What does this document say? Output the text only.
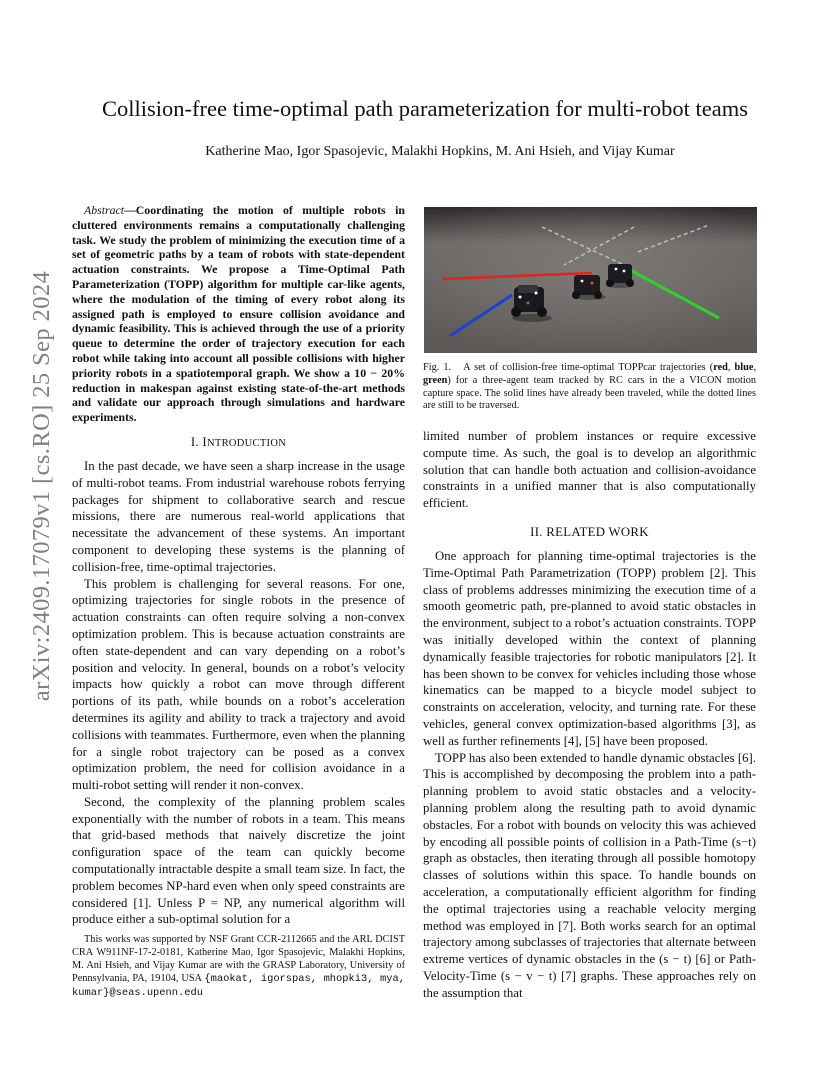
arXiv:2409.17079v1 [cs.RO] 25 Sep 2024
Collision-free time-optimal path parameterization for multi-robot teams
Katherine Mao, Igor Spasojevic, Malakhi Hopkins, M. Ani Hsieh, and Vijay Kumar

Abstract—Coordinating the motion of multiple robots in cluttered environments remains a computationally challenging task. We study the problem of minimizing the execution time of a set of geometric paths by a team of robots with state-dependent actuation constraints. We propose a Time-Optimal Path Parameterization (TOPP) algorithm for multiple car-like agents, where the modulation of the timing of every robot along its assigned path is employed to ensure collision avoidance and dynamic feasibility. This is achieved through the use of a priority queue to determine the order of trajectory execution for each robot while taking into account all possible collisions with higher priority robots in a spatiotemporal graph. We show a 10 − 20% reduction in makespan against existing state-of-the-art methods and validate our approach through simulations and hardware experiments.

I. INTRODUCTION

In the past decade, we have seen a sharp increase in the usage of multi-robot teams. From industrial warehouse robots ferrying packages for shipment to collaborative search and rescue missions, there are numerous real-world applications that necessitate the advancement of these systems. An important component to developing these systems is the planning of collision-free, time-optimal trajectories.

This problem is challenging for several reasons. For one, optimizing trajectories for single robots in the presence of actuation constraints can often require solving a non-convex optimization problem. This is because actuation constraints are often state-dependent and can vary depending on a robot’s position and velocity. In general, bounds on a robot’s velocity impacts how quickly a robot can move through different portions of its path, while bounds on a robot’s acceleration determines its agility and ability to track a trajectory and avoid collisions with teammates. Furthermore, even when the planning for a single robot trajectory can be posed as a convex optimization problem, the need for collision avoidance in a multi-robot setting will render it non-convex.

Second, the complexity of the planning problem scales exponentially with the number of robots in a team. This means that grid-based methods that naively discretize the joint configuration space of the team can quickly become computationally intractable despite a small team size. In fact, the problem becomes NP-hard even when only speed constraints are considered [1]. Unless P = NP, any numerical algorithm will produce either a sub-optimal solution for a

This works was supported by NSF Grant CCR-2112665 and the ARL DCIST CRA W911NF-17-2-0181, Katherine Mao, Igor Spasojevic, Malakhi Hopkins, M. Ani Hsieh, and Vijay Kumar are with the GRASP Laboratory, University of Pennsylvania, PA, 19104, USA {maokat, igorspas, mhopki3, mya, kumar}@seas.upenn.edu
Fig. 1. A set of collision-free time-optimal TOPPcar trajectories (red, blue, green) for a three-agent team tracked by RC cars in the a VICON motion capture space. The solid lines have already been traveled, while the dotted lines are still to be traversed.

limited number of problem instances or require excessive compute time. As such, the goal is to develop an algorithmic solution that can handle both actuation and collision-avoidance constraints in a unified manner that is also computationally efficient.

II. RELATED WORK

One approach for planning time-optimal trajectories is the Time-Optimal Path Parametrization (TOPP) problem [2]. This class of problems addresses minimizing the execution time of a smooth geometric path, pre-planned to avoid static obstacles in the environment, subject to a robot’s actuation constraints. TOPP was initially developed within the context of planning dynamically feasible trajectories for robotic manipulators [2]. It has been shown to be convex for vehicles including those whose kinematics can be mapped to a bicycle model subject to constraints on acceleration, velocity, and turning rate. For these vehicles, general convex optimization-based algorithms [3], as well as further refinements [4], [5] have been proposed.

TOPP has also been extended to handle dynamic obstacles [6]. This is accomplished by decomposing the problem into a path-planning problem to avoid static obstacles and a velocity-planning problem along the resulting path to avoid dynamic obstacles. For a robot with bounds on velocity this was achieved by encoding all possible points of collision in a Path-Time (s−t) graph as obstacles, then iterating through all possible homotopy classes of solutions within this space. To handle bounds on acceleration, a computationally efficient algorithm for finding the optimal trajectories using a reachable velocity merging method was employed in [7]. Both works search for an optimal trajectory among subclasses of trajectories that alternate between extreme vertices of dynamic obstacles in the (s − t) [6] or Path-Velocity-Time (s − v − t) [7] graphs. These approaches rely on the assumption that
